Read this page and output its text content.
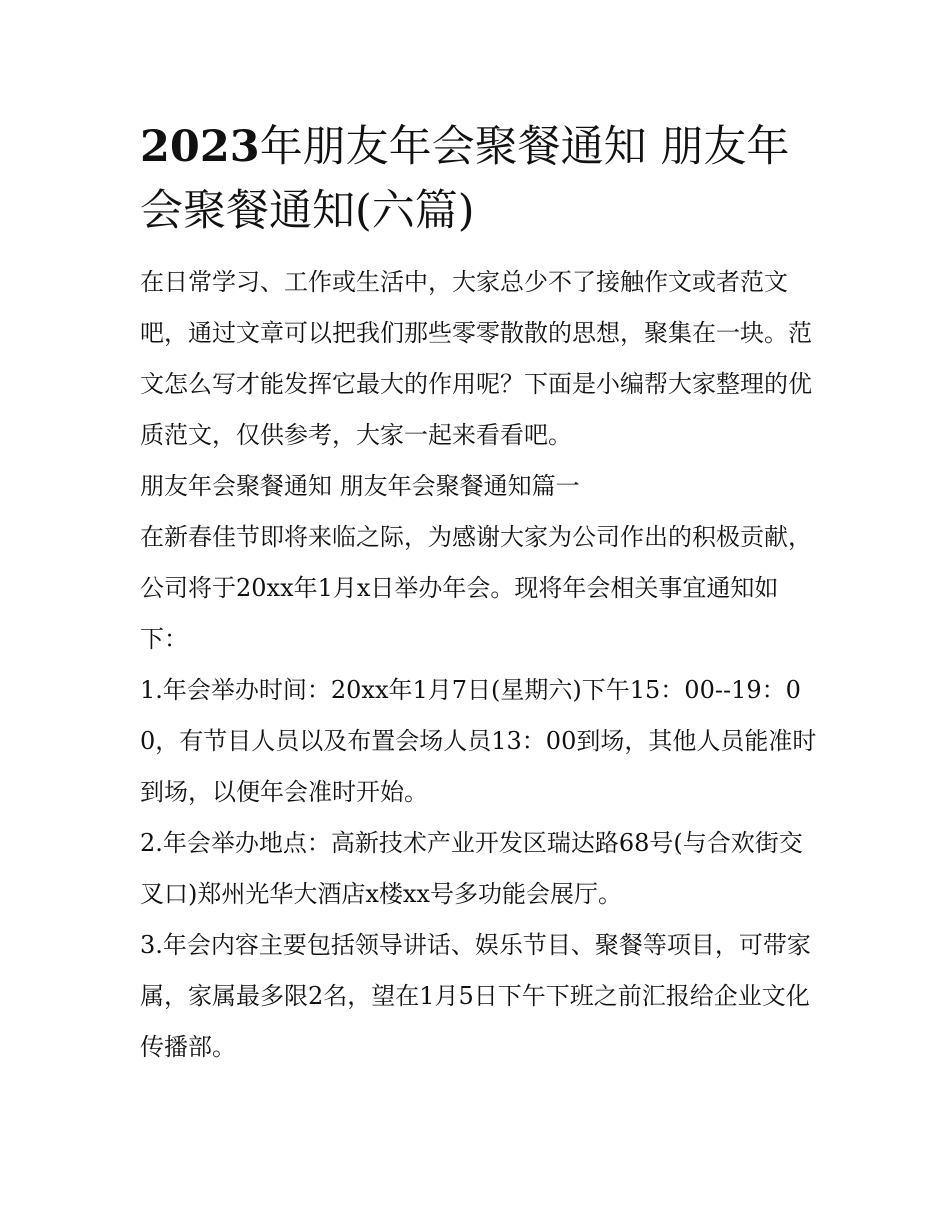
2023年朋友年会聚餐通知 朋友年会聚餐通知(六篇)

在日常学习、工作或生活中，大家总少不了接触作文或者范文吧，通过文章可以把我们那些零零散散的思想，聚集在一块。范文怎么写才能发挥它最大的作用呢？下面是小编帮大家整理的优质范文，仅供参考，大家一起来看看吧。

朋友年会聚餐通知 朋友年会聚餐通知篇一

在新春佳节即将来临之际，为感谢大家为公司作出的积极贡献，公司将于20xx年1月x日举办年会。现将年会相关事宜通知如下：

1.年会举办时间：20xx年1月7日(星期六)下午15：00--19：00，有节目人员以及布置会场人员13：00到场，其他人员能准时到场，以便年会准时开始。

2.年会举办地点：高新技术产业开发区瑞达路68号(与合欢街交叉口)郑州光华大酒店x楼xx号多功能会展厅。

3.年会内容主要包括领导讲话、娱乐节目、聚餐等项目，可带家属，家属最多限2名，望在1月5日下午下班之前汇报给企业文化传播部。
